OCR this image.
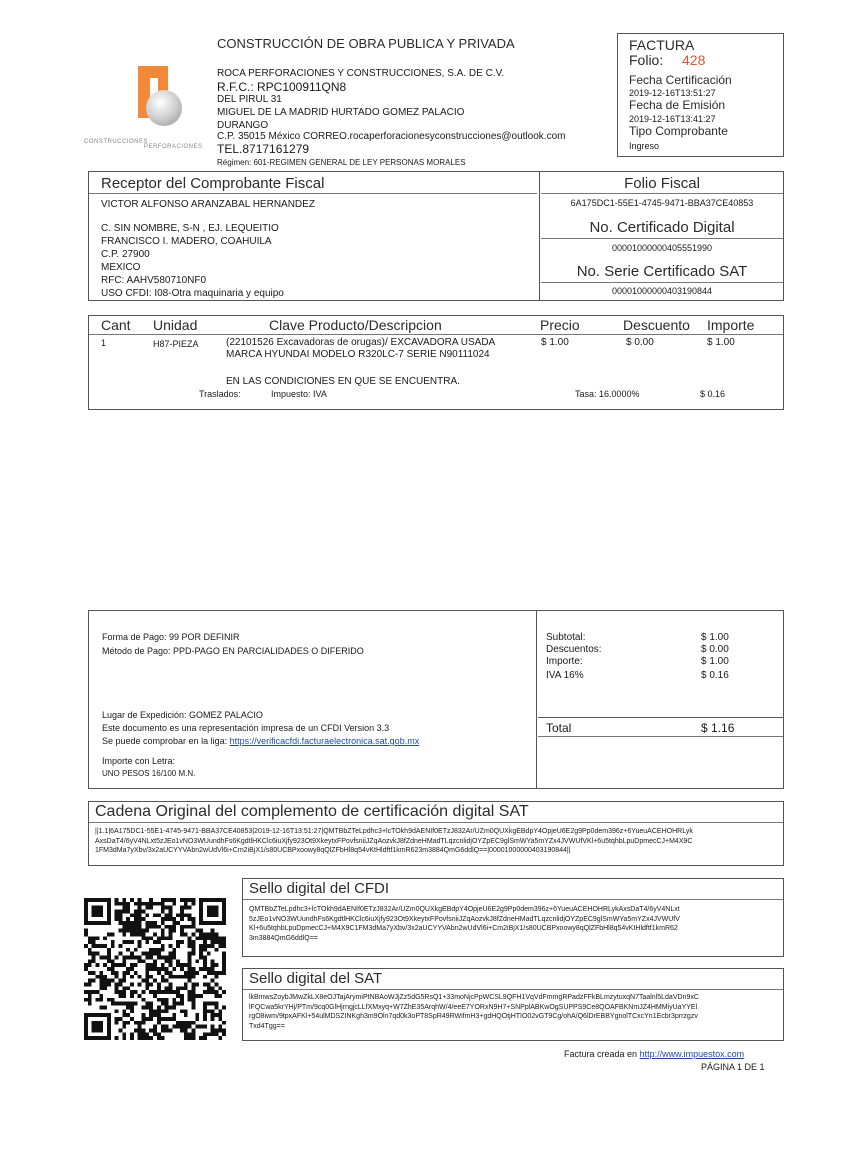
CONSTRUCCIONES
PERFORACIONES
CONSTRUCCIÓN DE OBRA PUBLICA Y PRIVADA
ROCA PERFORACIONES Y CONSTRUCCIONES, S.A. DE C.V.
R.F.C.: RPC100911QN8
DEL PIRUL 31
MIGUEL DE LA MADRID HURTADO GOMEZ PALACIO
DURANGO
C.P. 35015 México CORREO.rocaperforacionesyconstrucciones@outlook.com
TEL.8717161279
Régimen: 601-REGIMEN GENERAL DE LEY PERSONAS MORALES
FACTURA
Folio: 428
Fecha Certificación
2019-12-16T13:51:27
Fecha de Emisión
2019-12-16T13:41:27
Tipo Comprobante
Ingreso
Receptor del Comprobante Fiscal
VICTOR ALFONSO ARANZABAL HERNANDEZ
C. SIN NOMBRE, S-N , EJ. LEQUEITIO
FRANCISCO I. MADERO, COAHUILA
C.P. 27900
MEXICO
RFC: AAHV580710NF0
USO CFDI: I08-Otra maquinaria y equipo
Folio Fiscal
6A175DC1-55E1-4745-9471-BBA37CE40853
No. Certificado Digital
00001000000405551990
No. Serie Certificado SAT
00001000000403190844
Cant Unidad	Clave Producto/Descripcion	Precio	Descuento Importe
1	H87-PIEZA	(22101526 Excavadoras de orugas)/ EXCAVADORA USADA	$ 1.00	$ 0.00	$ 1.00
MARCA HYUNDAI MODELO R320LC-7 SERIE N90111024
EN LAS CONDICIONES EN QUE SE ENCUENTRA.
Traslados:	Impuesto: IVA	Tasa: 16.0000%	$ 0.16
Forma de Pago: 99 POR DEFINIR
Método de Pago: PPD-PAGO EN PARCIALIDADES O DIFERIDO
Lugar de Expedición: GOMEZ PALACIO
Este documento es una representación impresa de un CFDI Version 3.3
Se puede comprobar en la liga: https://verificacfdi.facturaelectronica.sat.gob.mx
Importe con Letra:
UNO PESOS 16/100 M.N.
Subtotal:	$ 1.00
Descuentos:	$ 0.00
Importe:	$ 1.00
IVA 16%	$ 0.16
Total	$ 1.16
Cadena Original del complemento de certificación digital SAT
||1.1|6A175DC1-55E1-4745-9471-BBA37CE40853|2019-12-16T13:51:27|QMTBbZTeLpdhc3+lcTOkh9dAENIf0ETzJ832Ar/UZm0QUXkgEBdpY4OpjeU6E2g9Pp0dem396z+6YueuACEHOHRLykAxsDaT4/6yV4NLxt5zJEo1vNO3WUundhFs6KgdtlHKClc6iuXjfy923Ot9XkeytxFPovfsniiJZqAozvkJ8fZdneHMadTLqzcnlidjOYZpEC9glSmWYa5mYZx4JVWUfVKl+6u5tqhbLpuDpmecCJ+M4X9C1FM3dMa7yXbv/3x2aUCYYVAbn2wUdVl6i+Cm2iBjX1/s80UCBPxoowy8qQlZFbHl8q54vKtHldftf1kmR623m3884QmG6ddlQ==|00001000000403190844||
Sello digital del CFDI
QMTBbZTeLpdhc3+lcTOkh9dAENIf0ETzJ832Ar/UZm0QUXkgEBdpY4OpjeU6E2g9Pp0dem396z+6YueuACEHOHRLykAxsDaT4/6yV4NLxt5zJEo1vNO3WUundhFs6KgdtlHKClc6iuXjfy923Ot9XkeytxFPovfsniiJZqAozvkJ8fZdneHMadTLqzcnlidjOYZpEC9glSmWYa5mYZx4JVWUfVKl+6u5tqhbLpuDpmecCJ+M4X9C1FM3dMa7yXbv/3x2aUCYYVAbn2wUdVl6i+Cm2iBjX1/s80UCBPxoowy8qQlZFbHl8q54vKtHldftf1kmR623m3884QmG6ddlQ==
Sello digital del SAT
lkBmwsZoybJMwZkLX8eOJTajArymiPtNBAoWJjZz5dG5RsQ1+33moNjcPpWCSL9QFH1VqVdFmmgRPadzFFkBLmzytuxqN7Taalnl5LdaVDn9xClFQCwa5krYHj/PTm/9cq0GlHjrngjcLLfXMxyq+W7ZhE35ArqhW/4/eeE7YORxN9H7+SNPplABKwOgSUPPS9Ce8QOAFBKNmJZ4HMMiyUaYYElrgO8iwm/9tpxAFKl+54ulMDSZINKgh3m9Oln7qd0k3oPT8SpR49RWifmH3+gdHQOtjHTIO02vGT9Cg/ohA/Q6lDrEBBYgnolTCxcYn1Ecbr3prrzgzvTxd4Tgg==
Factura creada en http://www.impuestox.com
PÁGINA 1 DE 1
